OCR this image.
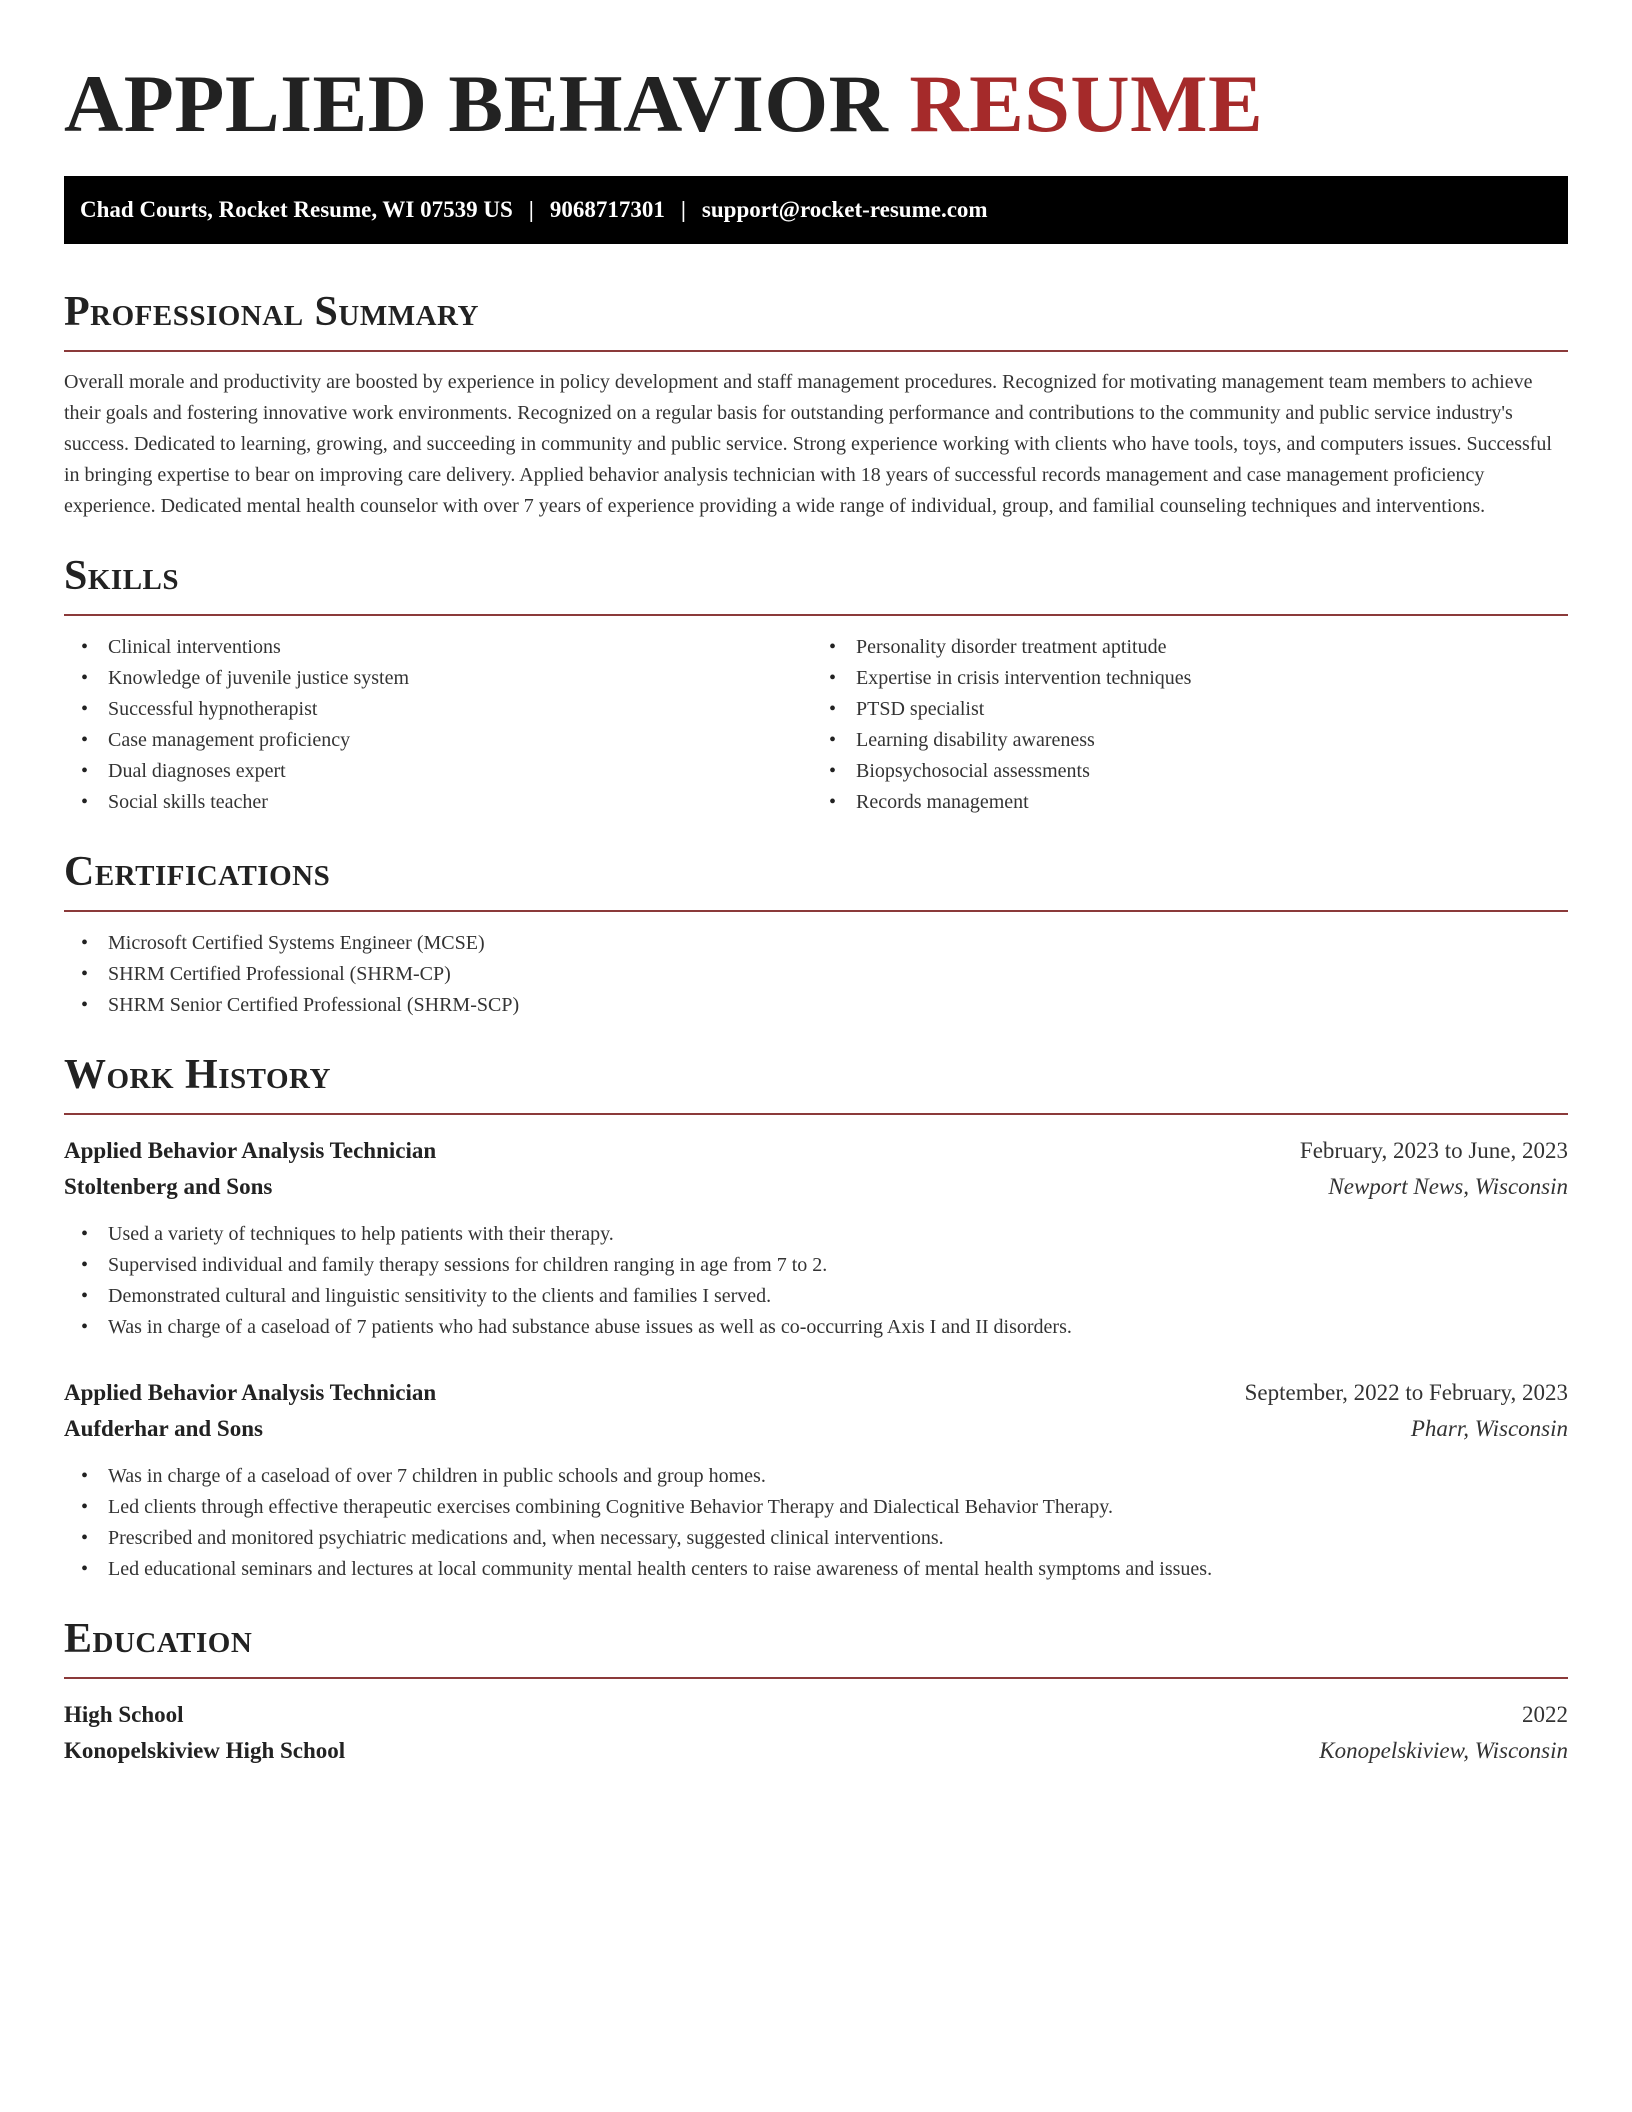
APPLIED BEHAVIOR RESUME
Chad Courts, Rocket Resume, WI 07539 US | 9068717301 | support@rocket-resume.com
Professional Summary

Overall morale and productivity are boosted by experience in policy development and staff management procedures. Recognized for motivating management team members to achieve their goals and fostering innovative work environments. Recognized on a regular basis for outstanding performance and contributions to the community and public service industry's success. Dedicated to learning, growing, and succeeding in community and public service. Strong experience working with clients who have tools, toys, and computers issues. Successful in bringing expertise to bear on improving care delivery. Applied behavior analysis technician with 18 years of successful records management and case management proficiency experience. Dedicated mental health counselor with over 7 years of experience providing a wide range of individual, group, and familial counseling techniques and interventions.

Skills
• Clinical interventions
• Knowledge of juvenile justice system
• Successful hypnotherapist
• Case management proficiency
• Dual diagnoses expert
• Social skills teacher
• Personality disorder treatment aptitude
• Expertise in crisis intervention techniques
• PTSD specialist
• Learning disability awareness
• Biopsychosocial assessments
• Records management
Certifications
• Microsoft Certified Systems Engineer (MCSE)
• SHRM Certified Professional (SHRM-CP)
• SHRM Senior Certified Professional (SHRM-SCP)
Work History
Applied Behavior Analysis Technician	February, 2023 to June, 2023
Stoltenberg and Sons	Newport News, Wisconsin
• Used a variety of techniques to help patients with their therapy.
• Supervised individual and family therapy sessions for children ranging in age from 7 to 2.
• Demonstrated cultural and linguistic sensitivity to the clients and families I served.
• Was in charge of a caseload of 7 patients who had substance abuse issues as well as co-occurring Axis I and II disorders.
Applied Behavior Analysis Technician	September, 2022 to February, 2023
Aufderhar and Sons	Pharr, Wisconsin
• Was in charge of a caseload of over 7 children in public schools and group homes.
• Led clients through effective therapeutic exercises combining Cognitive Behavior Therapy and Dialectical Behavior Therapy.
• Prescribed and monitored psychiatric medications and, when necessary, suggested clinical interventions.
• Led educational seminars and lectures at local community mental health centers to raise awareness of mental health symptoms and issues.
Education
High School	2022
Konopelskiview High School	Konopelskiview, Wisconsin
